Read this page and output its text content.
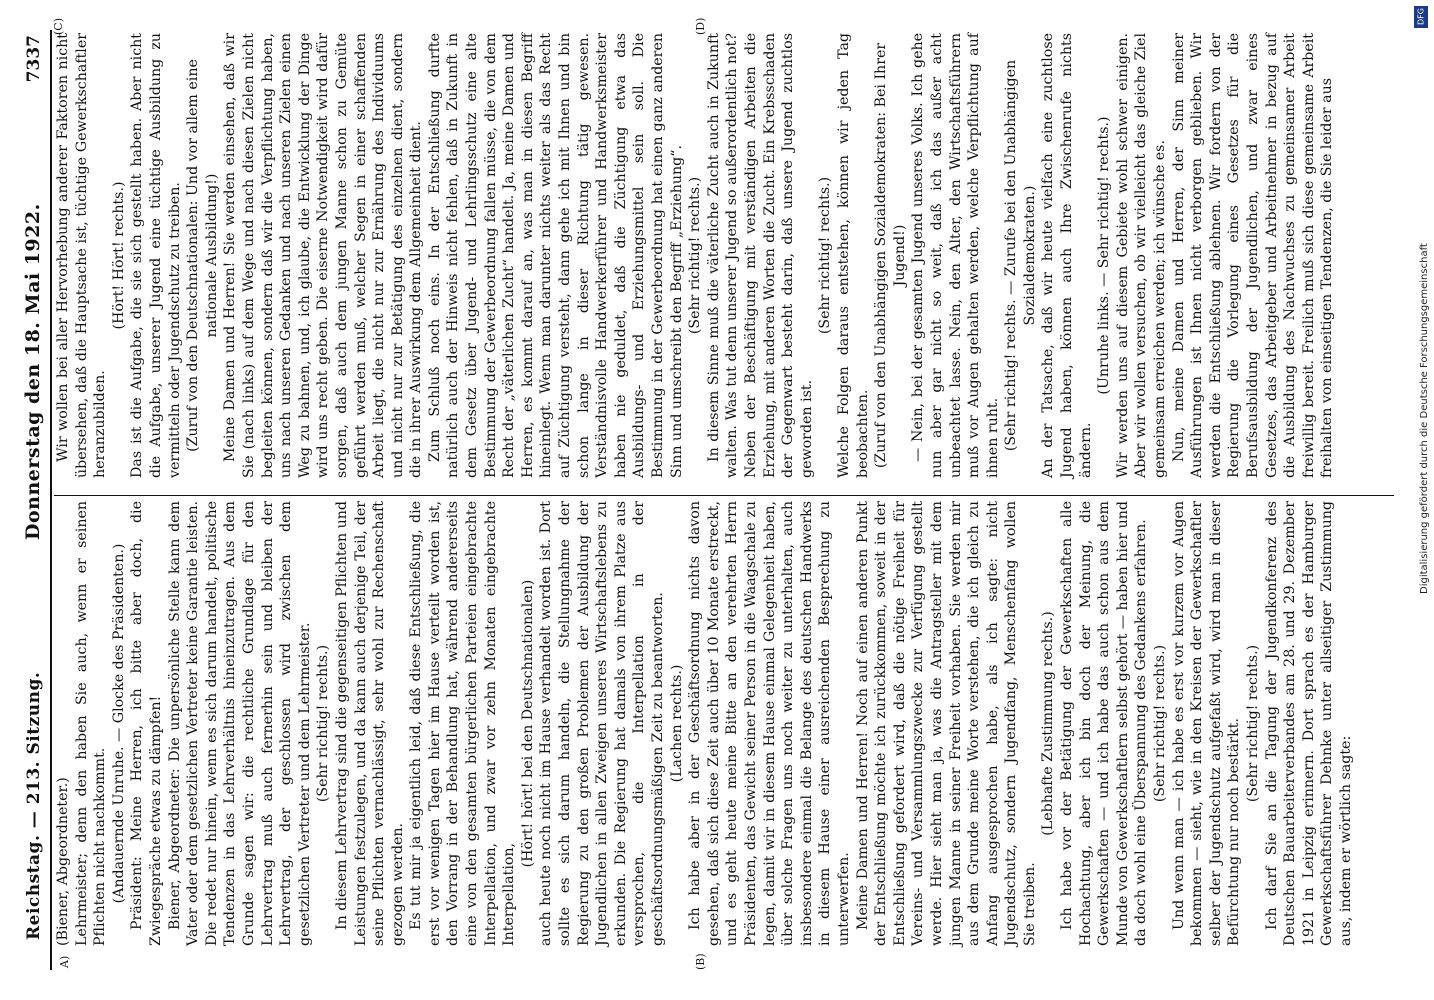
Reichstag. — 213. Sitzung.
Donnerstag den 18. Mai 1922.
7337
A)	(B)
(C)	(D)

(Biener, Abgeordneter.) Lehrmeister; denn den haben Sie auch, wenn er seinen Pflichten nicht nachkommt. (Andauernde Unruhe. — Glocke des Präsidenten.) Präsident: Meine Herren, ich bitte aber doch, die Zwiegespräche etwas zu dämpfen! Biener, Abgeordneter: Die unpersönliche Stelle kann dem Vater oder dem gesetzlichen Vertreter keine Garantie leisten. Die redet nur hinein, wenn es sich darum handelt, politische Tendenzen in das Lehrverhältnis hineinzutragen. Aus dem Grunde sagen wir: die rechtliche Grundlage für den Lehrvertrag muß auch fernerhin sein und bleiben der Lehrvertrag, der geschlossen wird zwischen dem gesetzlichen Vertreter und dem Lehrmeister. (Sehr richtig! rechts.) In diesem Lehrvertrag sind die gegenseitigen Pflichten und Leistungen festzulegen, und da kann auch derjenige Teil, der seine Pflichten vernachlässigt, sehr wohl zur Rechenschaft gezogen werden. Es tut mir ja eigentlich leid, daß diese Entschließung, die erst vor wenigen Tagen hier im Hause verteilt worden ist, den Vorrang in der Behandlung hat, während andererseits eine von den gesamten bürgerlichen Parteien eingebrachte Interpellation, und zwar vor zehn Monaten eingebrachte Interpellation,

(Hört! hört! bei den Deutschnationalen) auch heute noch nicht im Hause verhandelt worden ist. Dort sollte es sich darum handeln, die Stellungnahme der Regierung zu den großen Problemen der Ausbildung der Jugendlichen in allen Zweigen unseres Wirtschaftslebens zu erkunden. Die Regierung hat damals von ihrem Platze aus versprochen, die Interpellation in der geschäftsordnungsmäßigen Zeit zu beantworten. (Lachen rechts.) Ich habe aber in der Geschäftsordnung nichts davon gesehen, daß sich diese Zeit auch über 10 Monate erstreckt, und es geht heute meine Bitte an den verehrten Herrn Präsidenten, das Gewicht seiner Person in die Waagschale zu legen, damit wir in diesem Hause einmal Gelegenheit haben, über solche Fragen uns noch weiter zu unterhalten, auch insbesondere einmal die Belange des deutschen Handwerks in diesem Hause einer ausreichenden Besprechung zu unterwerfen. Meine Damen und Herren! Noch auf einen anderen Punkt der Entschließung möchte ich zurückkommen, soweit in der Entschließung gefordert wird, daß die nötige Freiheit für Vereins- und Versammlungszwecke zur Verfügung gestellt werde. Hier sieht man ja, was die Antragsteller mit dem jungen Manne in seiner Freiheit vorhaben. Sie werden mir aus dem Grunde meine Worte verstehen, die ich gleich zu Anfang ausgesprochen habe, als ich sagte: nicht Jugendschutz, sondern Jugendfang, Menschenfang wollen Sie treiben.

(Lebhafte Zustimmung rechts.) Ich habe vor der Betätigung der Gewerkschaften alle Hochachtung, aber ich bin doch der Meinung, die Gewerkschaften — und ich habe das auch schon aus dem Munde von Gewerkschaftlern selbst gehört — haben hier und da doch wohl eine Überspannung des Gedankens erfahren. (Sehr richtig! rechts.) Und wenn man — ich habe es erst vor kurzem vor Augen bekommen — sieht, wie in den Kreisen der Gewerkschaftler selber der Jugendschutz aufgefaßt wird, wird man in dieser Befürchtung nur noch bestärkt. (Sehr richtig! rechts.) Ich darf Sie an die Tagung der Jugendkonferenz des Deutschen Bauarbeiterverbandes am 28. und 29. Dezember 1921 in Leipzig erinnern. Dort sprach es der Hamburger Gewerkschaftsführer Dehnke unter allseitiger Zustimmung aus, indem er wörtlich sagte:

Wir wollen bei aller Hervorhebung anderer Faktoren nicht übersehen, daß die Hauptsache ist, tüchtige Gewerkschaftler heranzubilden.

(Hört! Hört! rechts.) Das ist die Aufgabe, die sie sich gestellt haben. Aber nicht die Aufgabe, unserer Jugend eine tüchtige Ausbildung zu vermitteln oder Jugendschutz zu treiben. (Zuruf von den Deutschnationalen: Und vor allem eine nationale Ausbildung!) Meine Damen und Herren! Sie werden einsehen, daß wir Sie (nach links) auf dem Wege und nach diesen Zielen nicht begleiten können, sondern daß wir die Verpflichtung haben, uns nach unseren Gedanken und nach unseren Zielen einen Weg zu bahnen, und, ich glaube, die Entwicklung der Dinge wird uns recht geben. Die eiserne Notwendigkeit wird dafür sorgen, daß auch dem jungen Manne schon zu Gemüte geführt werden muß, welcher Segen in einer schaffenden Arbeit liegt, die nicht nur zur Ernährung des Individuums und nicht nur zur Betätigung des einzelnen dient, sondern die in ihrer Auswirkung dem Allgemeinheit dient. Zum Schluß noch eins. In der Entschließung durfte natürlich auch der Hinweis nicht fehlen, daß in Zukunft in dem Gesetz über Jugend- und Lehrlingsschutz eine alte Bestimmung der Gewerbeordnung fallen müsse, die von dem Recht der „väterlichen Zucht“ handelt. Ja, meine Damen und Herren, es kommt darauf an, was man in diesen Begriff hineinlegt. Wenn man darunter nichts weiter als das Recht auf Züchtigung versteht, dann gehe ich mit Ihnen und bin schon lange in dieser Richtung tätig gewesen. Verständnisvolle Handwerkerführer und Handwerksmeister haben nie geduldet, daß die Züchtigung etwa das Ausbildungs- und Erziehungsmittel sein soll. Die Bestimmung in der Gewerbeordnung hat einen ganz anderen Sinn und umschreibt den Begriff „Erziehung“. (Sehr richtig! rechts.) In diesem Sinne muß die väterliche Zucht auch in Zukunft walten. Was tut denn unserer Jugend so außerordentlich not? Neben der Beschäftigung mit verständigen Arbeiten die Erziehung, mit anderen Worten die Zucht. Ein Krebsschaden der Gegenwart besteht darin, daß unsere Jugend zuchtlos geworden ist.

(Sehr richtig! rechts.) Welche Folgen daraus entstehen, können wir jeden Tag beobachten. (Zuruf von den Unabhängigen Sozialdemokraten: Bei Ihrer Jugend!) — Nein, bei der gesamten Jugend unseres Volks. Ich gehe nun aber gar nicht so weit, daß ich das außer acht unbeachtet lasse. Nein, den Alter, den Wirtschaftsführern muß vor Augen gehalten werden, welche Verpflichtung auf ihnen ruht. (Sehr richtig! rechts. — Zurufe bei den Unabhängigen Sozialdemokraten.) An der Tatsache, daß wir heute vielfach eine zuchtlose Jugend haben, können auch Ihre Zwischenrufe nichts ändern.

(Unruhe links. — Sehr richtig! rechts.) Wir werden uns auf diesem Gebiete wohl schwer einigen. Aber wir wollen versuchen, ob wir vielleicht das gleiche Ziel gemeinsam erreichen werden; ich wünsche es. Nun, meine Damen und Herren, der Sinn meiner Ausführungen ist Ihnen nicht verborgen geblieben. Wir werden die Entschließung ablehnen. Wir fordern von der Regierung die Vorlegung eines Gesetzes für die Berufsausbildung der Jugendlichen, und zwar eines Gesetzes, das Arbeitgeber und Arbeitnehmer in bezug auf die Ausbildung des Nachwuchses zu gemeinsamer Arbeit freiwillig bereit. Freilich muß sich diese gemeinsame Arbeit freihalten von einseitigen Tendenzen, die Sie leider aus

DFG
Digitalisierung gefördert durch die Deutsche Forschungsgemeinschaft
